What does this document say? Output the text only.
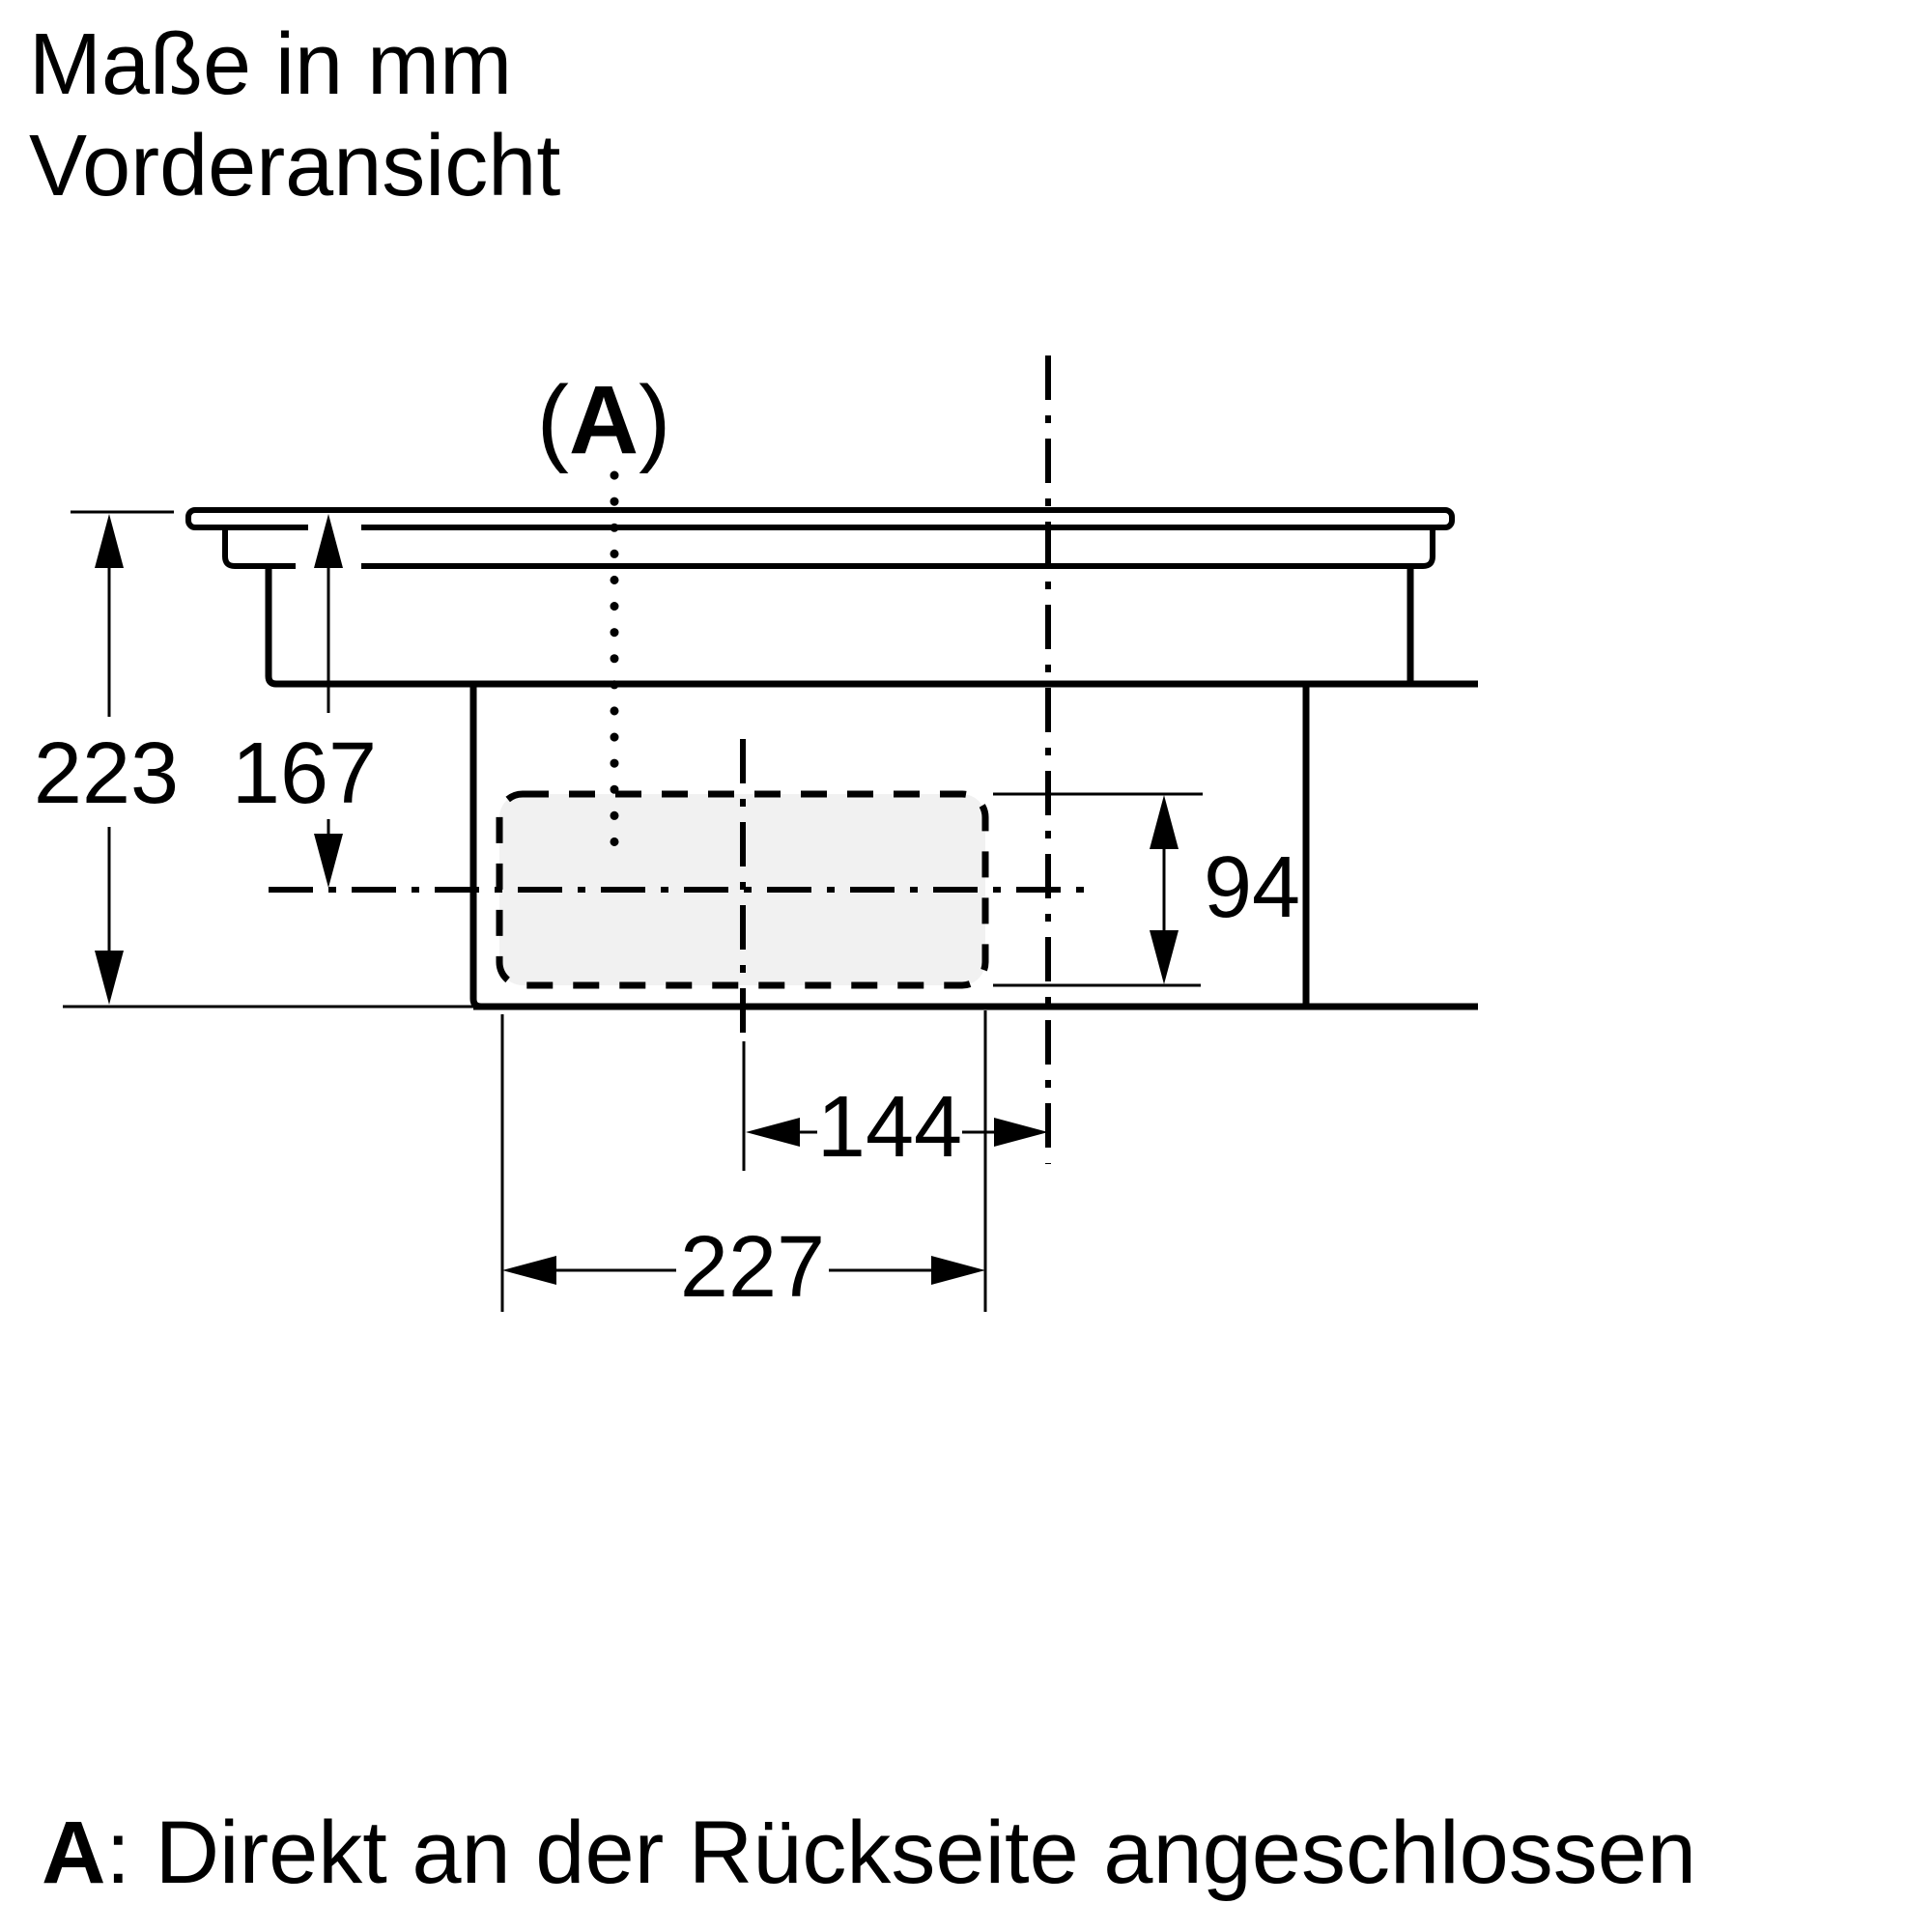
Maße in mm
Vorderansicht
(A)
223 167
94
144
227
A: Direkt an der Rückseite angeschlossen
